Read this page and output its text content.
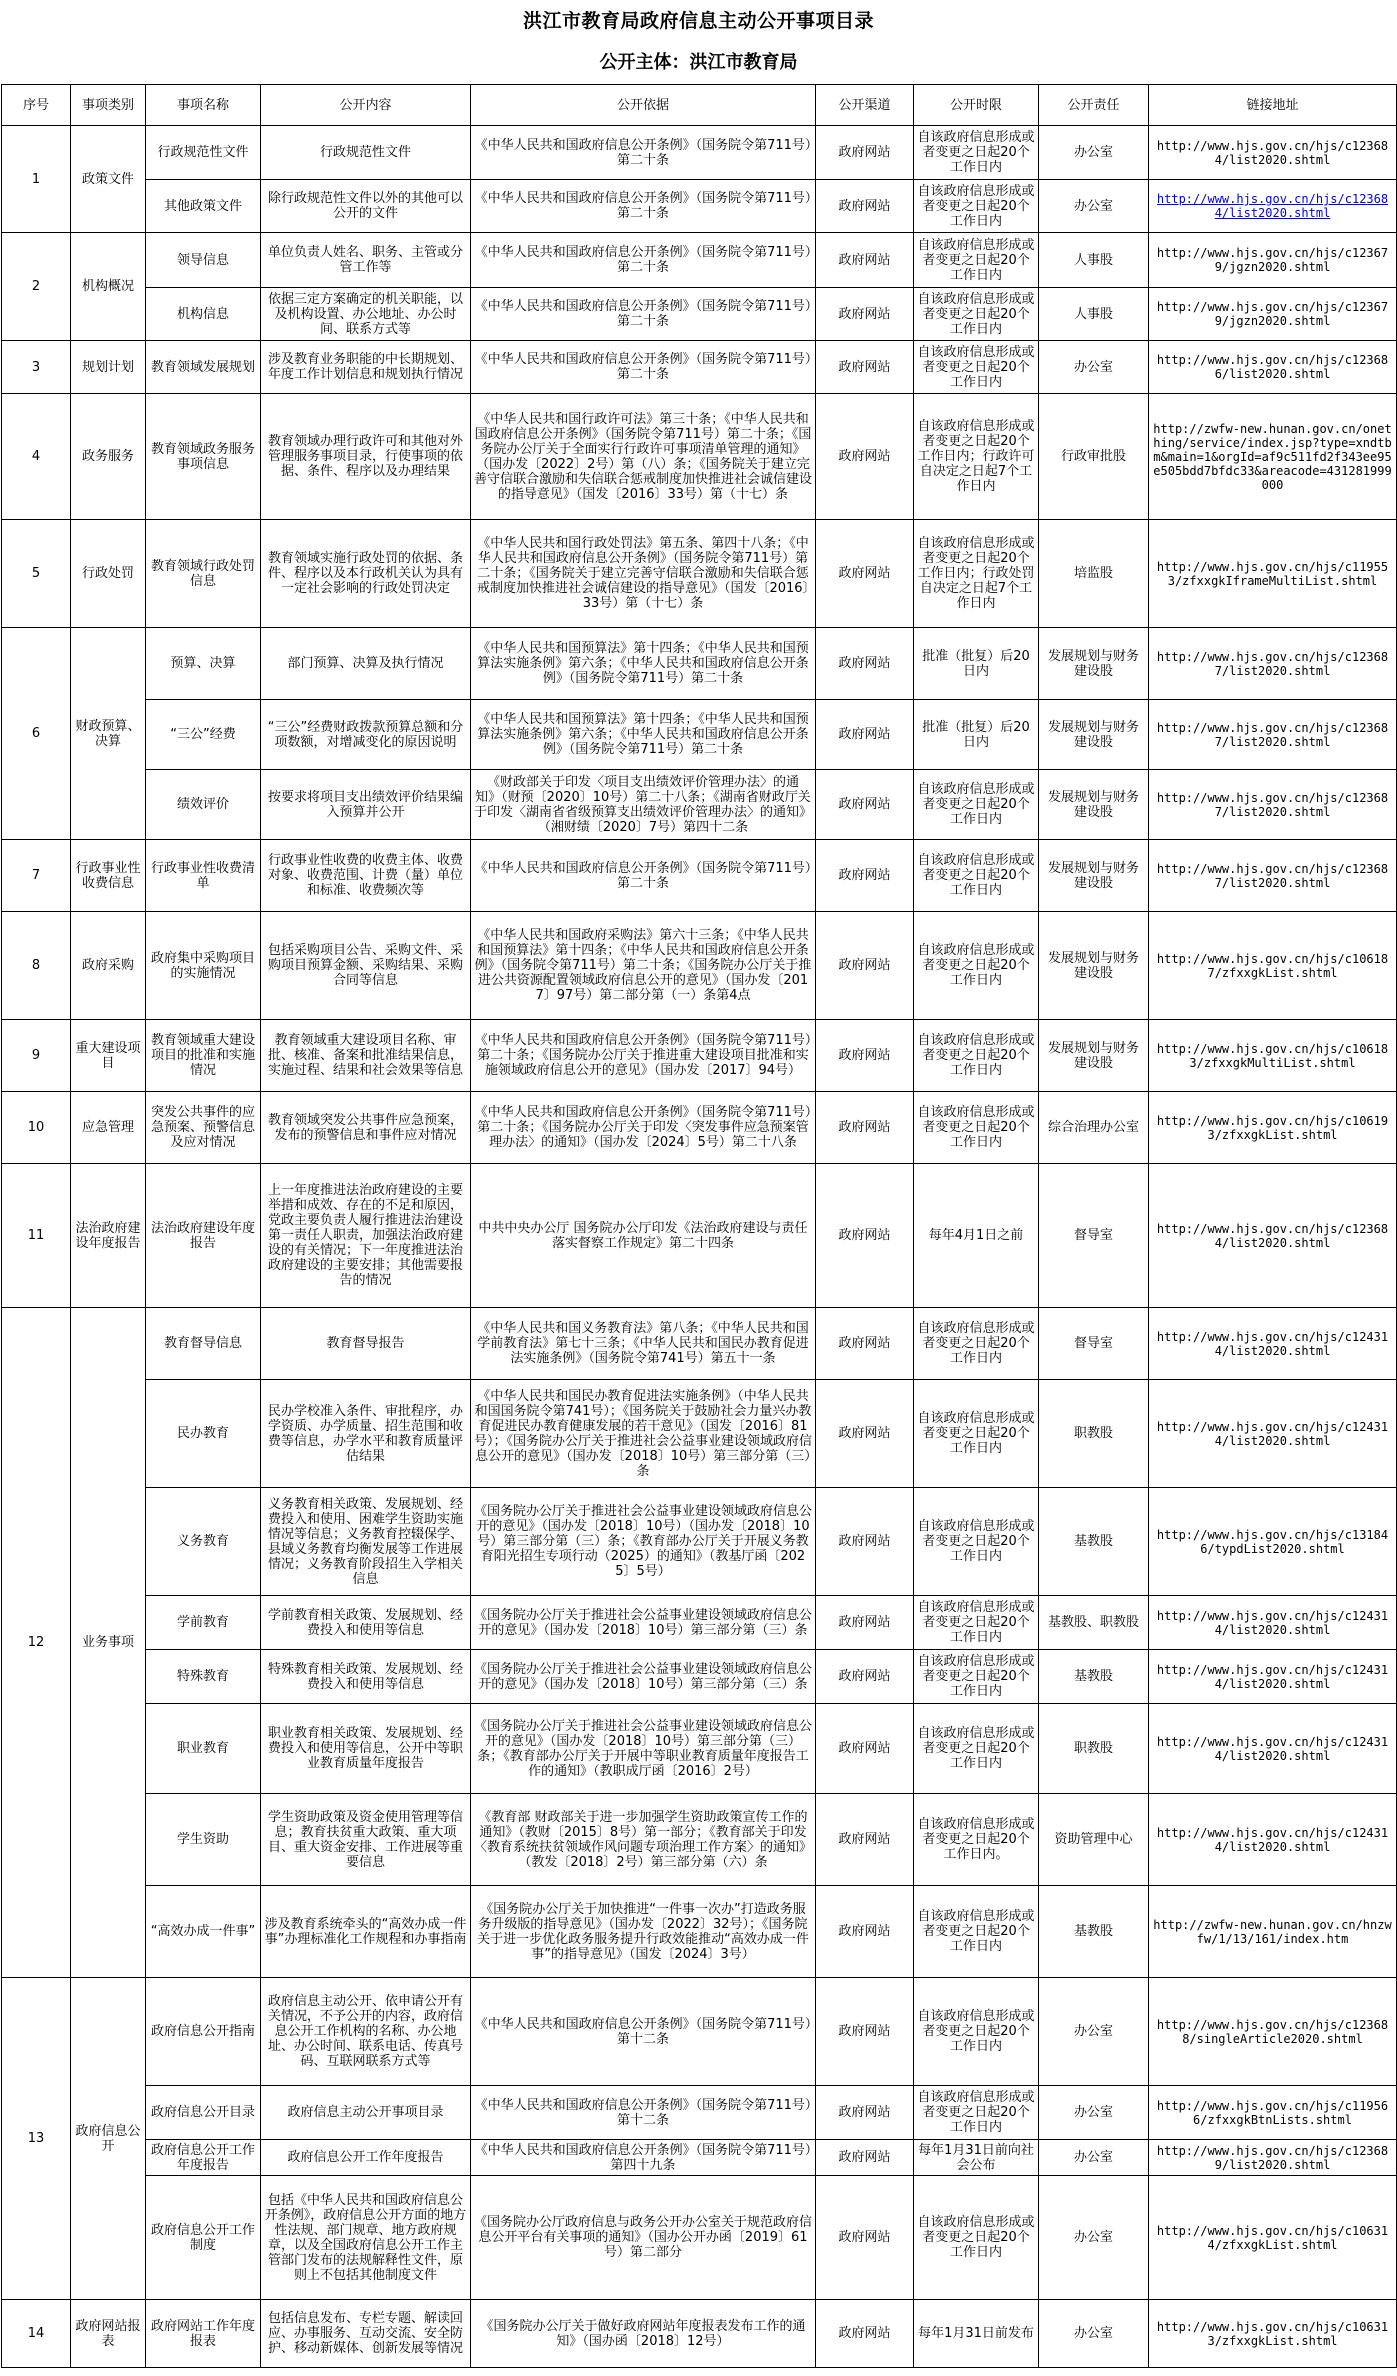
洪江市教育局政府信息主动公开事项目录
公开主体：洪江市教育局
序号	事项类别	事项名称	公开内容	公开依据	公开渠道	公开时限	公开责任	链接地址
1	政策文件	行政规范性文件	行政规范性文件	《中华人民共和国政府信息公开条例》（国务院令第711号）第二十条	政府网站	自该政府信息形成或者变更之日起20个工作日内	办公室	http://www.hjs.gov.cn/hjs/c123684/list2020.shtml
		其他政策文件	除行政规范性文件以外的其他可以公开的文件	《中华人民共和国政府信息公开条例》（国务院令第711号）第二十条	政府网站	自该政府信息形成或者变更之日起20个工作日内	办公室	http://www.hjs.gov.cn/hjs/c123684/list2020.shtml
2	机构概况	领导信息	单位负责人姓名、职务、主管或分管工作等	《中华人民共和国政府信息公开条例》（国务院令第711号）第二十条	政府网站	自该政府信息形成或者变更之日起20个工作日内	人事股	http://www.hjs.gov.cn/hjs/c123679/jgzn2020.shtml
		机构信息	依据三定方案确定的机关职能，以及机构设置、办公地址、办公时间、联系方式等	《中华人民共和国政府信息公开条例》（国务院令第711号）第二十条	政府网站	自该政府信息形成或者变更之日起20个工作日内	人事股	http://www.hjs.gov.cn/hjs/c123679/jgzn2020.shtml
3	规划计划	教育领域发展规划	涉及教育业务职能的中长期规划、年度工作计划信息和规划执行情况	《中华人民共和国政府信息公开条例》（国务院令第711号）第二十条	政府网站	自该政府信息形成或者变更之日起20个工作日内	办公室	http://www.hjs.gov.cn/hjs/c123686/list2020.shtml
4	政务服务	教育领域政务服务事项信息	教育领域办理行政许可和其他对外管理服务事项目录，行使事项的依据、条件、程序以及办理结果	《中华人民共和国行政许可法》第三十条；《中华人民共和国政府信息公开条例》（国务院令第711号）第二十条；《国务院办公厅关于全面实行行政许可事项清单管理的通知》（国办发〔2022〕2号）第（八）条；《国务院关于建立完善守信联合激励和失信联合惩戒制度加快推进社会诚信建设的指导意见》（国发〔2016〕33号）第（十七）条	政府网站	自该政府信息形成或者变更之日起20个工作日内；行政许可自决定之日起7个工作日内	行政审批股	http://zwfw-new.hunan.gov.cn/onething/service/index.jsp?type=xndtbm&main=1&orgId=af9c511fd2f343ee95e505bdd7bfdc33&areacode=431281999000
5	行政处罚	教育领域行政处罚信息	教育领域实施行政处罚的依据、条件、程序以及本行政机关认为具有一定社会影响的行政处罚决定	《中华人民共和国行政处罚法》第五条、第四十八条；《中华人民共和国政府信息公开条例》（国务院令第711号）第二十条；《国务院关于建立完善守信联合激励和失信联合惩戒制度加快推进社会诚信建设的指导意见》（国发〔2016〕33号）第（十七）条	政府网站	自该政府信息形成或者变更之日起20个工作日内；行政处罚自决定之日起7个工作日内	培监股	http://www.hjs.gov.cn/hjs/c119553/zfxxgkIframeMultiList.shtml
6	财政预算、决算	预算、决算	部门预算、决算及执行情况	《中华人民共和国预算法》第十四条；《中华人民共和国预算法实施条例》第六条；《中华人民共和国政府信息公开条例》（国务院令第711号）第二十条	政府网站	批准（批复）后20日内	发展规划与财务建设股	http://www.hjs.gov.cn/hjs/c123687/list2020.shtml
		“三公”经费	“三公”经费财政拨款预算总额和分项数额，对增减变化的原因说明	《中华人民共和国预算法》第十四条；《中华人民共和国预算法实施条例》第六条；《中华人民共和国政府信息公开条例》（国务院令第711号）第二十条	政府网站	批准（批复）后20日内	发展规划与财务建设股	http://www.hjs.gov.cn/hjs/c123687/list2020.shtml
		绩效评价	按要求将项目支出绩效评价结果编入预算并公开	《财政部关于印发〈项目支出绩效评价管理办法〉的通知》（财预〔2020〕10号）第二十八条；《湖南省财政厅关于印发〈湖南省省级预算支出绩效评价管理办法〉的通知》（湘财绩〔2020〕7号）第四十二条	政府网站	自该政府信息形成或者变更之日起20个工作日内	发展规划与财务建设股	http://www.hjs.gov.cn/hjs/c123687/list2020.shtml
7	行政事业性收费信息	行政事业性收费清单	行政事业性收费的收费主体、收费对象、收费范围、计费（量）单位和标准、收费频次等	《中华人民共和国政府信息公开条例》（国务院令第711号）第二十条	政府网站	自该政府信息形成或者变更之日起20个工作日内	发展规划与财务建设股	http://www.hjs.gov.cn/hjs/c123687/list2020.shtml
8	政府采购	政府集中采购项目的实施情况	包括采购项目公告、采购文件、采购项目预算金额、采购结果、采购合同等信息	《中华人民共和国政府采购法》第六十三条；《中华人民共和国预算法》第十四条；《中华人民共和国政府信息公开条例》（国务院令第711号）第二十条；《国务院办公厅关于推进公共资源配置领域政府信息公开的意见》（国办发〔2017〕97号）第二部分第（一）条第4点	政府网站	自该政府信息形成或者变更之日起20个工作日内	发展规划与财务建设股	http://www.hjs.gov.cn/hjs/c106187/zfxxgkList.shtml
9	重大建设项目	教育领域重大建设项目的批准和实施情况	教育领域重大建设项目名称、审批、核准、备案和批准结果信息，实施过程、结果和社会效果等信息	《中华人民共和国政府信息公开条例》（国务院令第711号）第二十条；《国务院办公厅关于推进重大建设项目批准和实施领域政府信息公开的意见》（国办发〔2017〕94号）	政府网站	自该政府信息形成或者变更之日起20个工作日内	发展规划与财务建设股	http://www.hjs.gov.cn/hjs/c106183/zfxxgkMultiList.shtml
10	应急管理	突发公共事件的应急预案、预警信息及应对情况	教育领域突发公共事件应急预案，发布的预警信息和事件应对情况	《中华人民共和国政府信息公开条例》（国务院令第711号）第二十条；《国务院办公厅关于印发〈突发事件应急预案管理办法〉的通知》（国办发〔2024〕5号）第二十八条	政府网站	自该政府信息形成或者变更之日起20个工作日内	综合治理办公室	http://www.hjs.gov.cn/hjs/c106193/zfxxgkList.shtml
11	法治政府建设年度报告	法治政府建设年度报告	上一年度推进法治政府建设的主要举措和成效、存在的不足和原因，党政主要负责人履行推进法治建设第一责任人职责，加强法治政府建设的有关情况；下一年度推进法治政府建设的主要安排；其他需要报告的情况	中共中央办公厅 国务院办公厅印发《法治政府建设与责任落实督察工作规定》第二十四条	政府网站	每年4月1日之前	督导室	http://www.hjs.gov.cn/hjs/c123684/list2020.shtml
12	业务事项	教育督导信息	教育督导报告	《中华人民共和国义务教育法》第八条；《中华人民共和国学前教育法》第七十三条；《中华人民共和国民办教育促进法实施条例》（国务院令第741号）第五十一条	政府网站	自该政府信息形成或者变更之日起20个工作日内	督导室	http://www.hjs.gov.cn/hjs/c124314/list2020.shtml
		民办教育	民办学校准入条件、审批程序，办学资质、办学质量、招生范围和收费等信息，办学水平和教育质量评估结果	《中华人民共和国民办教育促进法实施条例》（中华人民共和国国务院令第741号）；《国务院关于鼓励社会力量兴办教育促进民办教育健康发展的若干意见》（国发〔2016〕81号）；《国务院办公厅关于推进社会公益事业建设领域政府信息公开的意见》（国办发〔2018〕10号）第三部分第（三）条	政府网站	自该政府信息形成或者变更之日起20个工作日内	职教股	http://www.hjs.gov.cn/hjs/c124314/list2020.shtml
		义务教育	义务教育相关政策、发展规划、经费投入和使用、困难学生资助实施情况等信息；义务教育控辍保学、县域义务教育均衡发展等工作进展情况；义务教育阶段招生入学相关信息	《国务院办公厅关于推进社会公益事业建设领域政府信息公开的意见》（国办发〔2018〕10号）（国办发〔2018〕10号）第三部分第（三）条；《教育部办公厅关于开展义务教育阳光招生专项行动（2025）的通知》（教基厅函〔2025〕5号）	政府网站	自该政府信息形成或者变更之日起20个工作日内	基教股	http://www.hjs.gov.cn/hjs/c131846/typdList2020.shtml
		学前教育	学前教育相关政策、发展规划、经费投入和使用等信息	《国务院办公厅关于推进社会公益事业建设领域政府信息公开的意见》（国办发〔2018〕10号）第三部分第（三）条	政府网站	自该政府信息形成或者变更之日起20个工作日内	基教股、职教股	http://www.hjs.gov.cn/hjs/c124314/list2020.shtml
		特殊教育	特殊教育相关政策、发展规划、经费投入和使用等信息	《国务院办公厅关于推进社会公益事业建设领域政府信息公开的意见》（国办发〔2018〕10号）第三部分第（三）条	政府网站	自该政府信息形成或者变更之日起20个工作日内	基教股	http://www.hjs.gov.cn/hjs/c124314/list2020.shtml
		职业教育	职业教育相关政策、发展规划、经费投入和使用等信息，公开中等职业教育质量年度报告	《国务院办公厅关于推进社会公益事业建设领域政府信息公开的意见》（国办发〔2018〕10号）第三部分第（三）条；《教育部办公厅关于开展中等职业教育质量年度报告工作的通知》（教职成厅函〔2016〕2号）	政府网站	自该政府信息形成或者变更之日起20个工作日内	职教股	http://www.hjs.gov.cn/hjs/c124314/list2020.shtml
		学生资助	学生资助政策及资金使用管理等信息；教育扶贫重大政策、重大项目、重大资金安排、工作进展等重要信息	《教育部 财政部关于进一步加强学生资助政策宣传工作的通知》（教财〔2015〕8号）第一部分；《教育部关于印发〈教育系统扶贫领域作风问题专项治理工作方案〉的通知》（教发〔2018〕2号）第三部分第（六）条	政府网站	自该政府信息形成或者变更之日起20个工作日内。	资助管理中心	http://www.hjs.gov.cn/hjs/c124314/list2020.shtml
		“高效办成一件事”	涉及教育系统牵头的“高效办成一件事”办理标准化工作规程和办事指南	《国务院办公厅关于加快推进“一件事一次办”打造政务服务升级版的指导意见》（国办发〔2022〕32号）；《国务院关于进一步优化政务服务提升行政效能推动“高效办成一件事”的指导意见》（国发〔2024〕3号）	政府网站	自该政府信息形成或者变更之日起20个工作日内	基教股	http://zwfw-new.hunan.gov.cn/hnzwfw/1/13/161/index.htm
13	政府信息公开	政府信息公开指南	政府信息主动公开、依申请公开有关情况，不予公开的内容，政府信息公开工作机构的名称、办公地址、办公时间、联系电话、传真号码、互联网联系方式等	《中华人民共和国政府信息公开条例》（国务院令第711号）第十二条	政府网站	自该政府信息形成或者变更之日起20个工作日内	办公室	http://www.hjs.gov.cn/hjs/c123688/singleArticle2020.shtml
		政府信息公开目录	政府信息主动公开事项目录	《中华人民共和国政府信息公开条例》（国务院令第711号）第十二条	政府网站	自该政府信息形成或者变更之日起20个工作日内	办公室	http://www.hjs.gov.cn/hjs/c119566/zfxxgkBtnLists.shtml
		政府信息公开工作年度报告	政府信息公开工作年度报告	《中华人民共和国政府信息公开条例》（国务院令第711号）第四十九条	政府网站	每年1月31日前向社会公布	办公室	http://www.hjs.gov.cn/hjs/c123689/list2020.shtml
		政府信息公开工作制度	包括《中华人民共和国政府信息公开条例》，政府信息公开方面的地方性法规、部门规章、地方政府规章，以及全国政府信息公开工作主管部门发布的法规解释性文件，原则上不包括其他制度文件	《国务院办公厅政府信息与政务公开办公室关于规范政府信息公开平台有关事项的通知》（国办公开办函〔2019〕61号）第二部分	政府网站	自该政府信息形成或者变更之日起20个工作日内	办公室	http://www.hjs.gov.cn/hjs/c106314/zfxxgkList.shtml
14	政府网站报表	政府网站工作年度报表	包括信息发布、专栏专题、解读回应、办事服务、互动交流、安全防护、移动新媒体、创新发展等情况	《国务院办公厅关于做好政府网站年度报表发布工作的通知》（国办函〔2018〕12号）	政府网站	每年1月31日前发布	办公室	http://www.hjs.gov.cn/hjs/c106313/zfxxgkList.shtml
